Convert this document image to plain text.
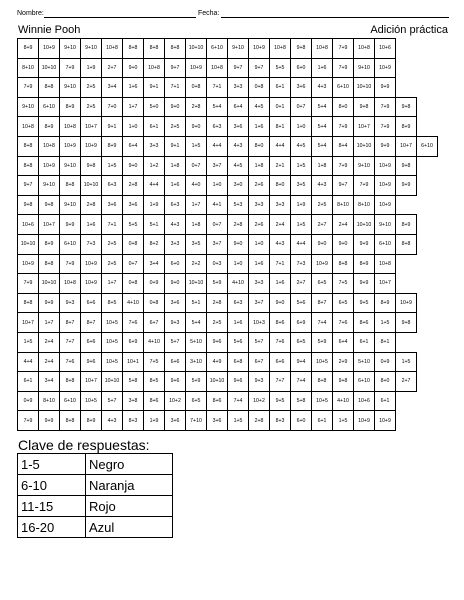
Nombre:	Fecha:
Winnie Pooh	Adición práctica
8+9	10+9	9+10	9+10	10+8	8+8	8+8	8+8	10+10	6+10	9+10	10+9	10+8	9+8	10+8	7+9	10+8	10+6		
8+10	10+10	7+9	1+9	2+7	9+0	10+8	9+7	10+9	10+8	9+7	9+7	5+5	6+0	1+6	7+9	9+10	10+9		
7+9	8+8	9+10	2+5	3+4	1+6	9+1	7+1	0+8	7+1	3+3	0+8	6+1	3+6	4+3	6+10	10+10	9+9		
9+10	6+10	8+9	2+5	7+0	1+7	5+0	9+0	2+8	5+4	6+4	4+5	0+1	0+7	5+4	8+0	9+8	7+9	9+8	
10+8	8+9	10+8	10+7	9+1	1+0	6+1	2+5	9+0	6+3	3+6	1+6	8+1	1+0	5+4	7+9	10+7	7+9	8+9	
8+8	10+8	10+9	10+9	8+9	6+4	3+3	9+1	1+5	4+4	4+3	8+0	4+4	4+5	5+4	8+4	10+10	9+9	10+7	6+10
8+8	10+9	9+10	9+8	1+5	9+0	1+2	1+8	0+7	3+7	4+5	1+8	2+1	1+5	1+8	7+9	9+10	10+9	9+8	
9+7	9+10	8+8	10+10	6+3	2+8	4+4	1+6	4+0	1+0	3+0	2+6	8+0	3+5	4+3	9+7	7+9	10+9	9+9	
9+8	9+8	9+10	2+8	3+6	3+6	1+9	6+3	1+7	4+1	5+3	3+3	3+3	1+9	2+5	8+10	8+10	10+9		
10+6	10+7	9+9	1+6	7+1	5+5	5+1	4+3	1+8	0+7	2+8	2+6	2+4	1+5	2+7	2+4	10+10	9+10	8+9	
10+10	8+9	6+10	7+3	2+5	0+8	8+2	3+3	3+5	3+7	9+0	1+0	4+3	4+4	9+0	9+0	9+9	6+10	8+8	
10+9	8+8	7+9	10+9	2+5	0+7	3+4	6+0	2+2	0+3	1+0	1+6	7+1	7+3	10+9	8+8	8+9	10+8		
7+9	10+10	10+8	10+9	1+7	0+8	0+9	9+0	10+10	5+9	4+10	3+3	1+6	2+7	6+5	7+5	9+9	10+7		
8+8	9+9	9+3	6+6	8+5	4+10	0+8	3+6	5+1	2+8	6+3	3+7	9+0	5+6	8+7	6+5	9+5	8+9	10+9	
10+7	1+7	8+7	8+7	10+5	7+6	6+7	9+3	5+4	2+5	1+6	10+3	8+6	6+9	7+4	7+6	8+6	1+5	9+8	
1+5	2+4	7+7	6+6	10+5	6+9	4+10	5+7	5+10	9+6	5+6	5+7	7+6	6+5	5+9	6+4	6+1	8+1		
4+4	2+4	7+6	9+6	10+5	10+1	7+5	6+6	3+10	4+9	6+8	6+7	6+6	9+4	10+5	2+9	5+10	0+9	1+5	
6+1	3+4	8+8	10+7	10+10	5+8	8+5	9+6	5+9	10+10	9+6	9+3	7+7	7+4	8+8	9+8	6+10	8+0	2+7	
0+9	8+10	6+10	10+5	5+7	3+8	8+6	10+2	6+5	8+6	7+4	10+2	9+5	5+8	10+5	4+10	10+6	6+1		
7+9	9+9	8+8	8+9	4+3	8+3	1+9	3+6	7+10	3+6	1+5	2+8	8+3	6+0	6+1	1+5	10+9	10+9		
Clave de respuestas:
1-5	Negro
6-10	Naranja
11-15	Rojo
16-20	Azul
